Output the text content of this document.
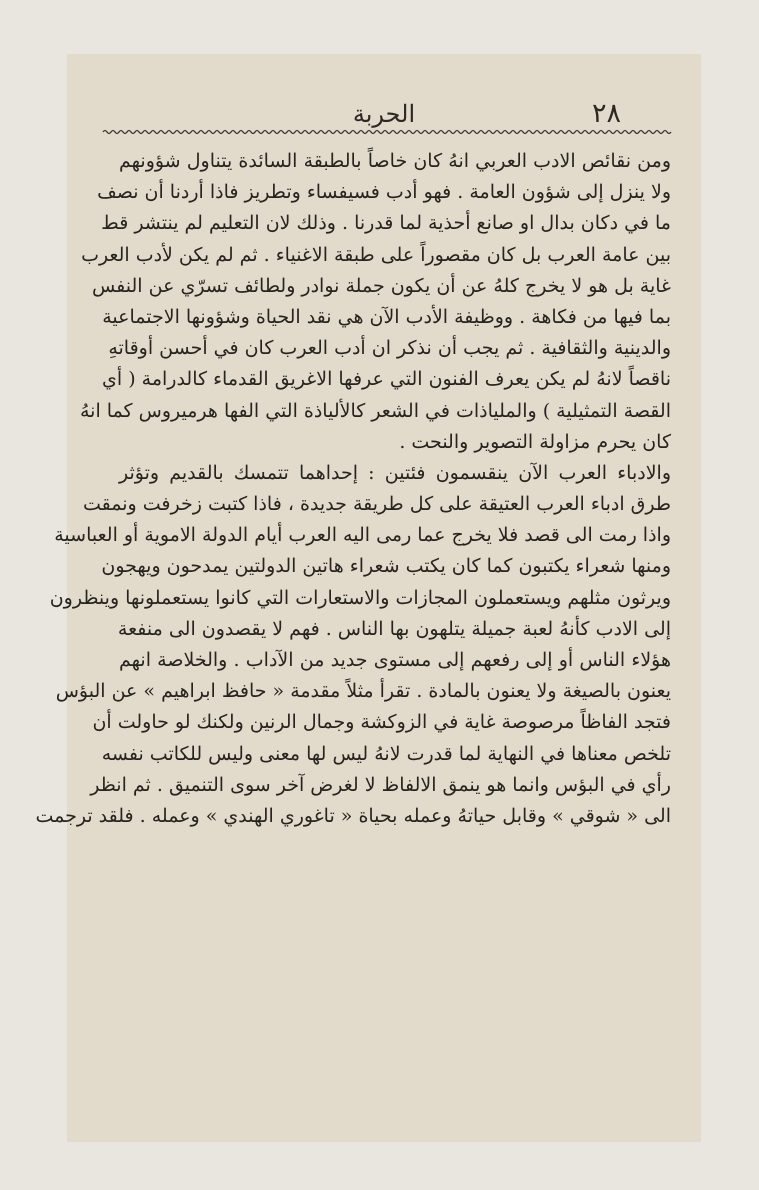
٢٨
الحربة
ومن نقائص الادب العربي انهُ كان خاصاً بالطبقة السائدة يتناول شؤونهم
ولا ينزل إلى شؤون العامة . فهو أدب فسيفساء وتطريز فاذا أردنا أن نصف
ما في دكان بدال او صانع أحذية لما قدرنا . وذلك لان التعليم لم ينتشر قط
بين عامة العرب بل كان مقصوراً على طبقة الاغنياء . ثم لم يكن لأدب العرب
غاية بل هو لا يخرج كلهُ عن أن يكون جملة نوادر ولطائف تسرّي عن النفس
بما فيها من فكاهة . ووظيفة الأدب الآن هي نقد الحياة وشؤونها الاجتماعية
والدينية والثقافية . ثم يجب أن نذكر ان أدب العرب كان في أحسن أوقاتهِ
ناقصاً لانهُ لم يكن يعرف الفنون التي عرفها الاغريق القدماء كالدرامة ( أي
القصة التمثيلية ) والملياذات في الشعر كالألياذة التي الفها هرميروس كما انهُ
كان يحرم مزاولة التصوير والنحت .
والادباء العرب الآن ينقسمون فئتين : إحداهما تتمسك بالقديم وتؤثر
طرق ادباء العرب العتيقة على كل طريقة جديدة ، فاذا كتبت زخرفت ونمقت
واذا رمت الى قصد فلا يخرج عما رمى اليه العرب أيام الدولة الاموية أو العباسية
ومنها شعراء يكتبون كما كان يكتب شعراء هاتين الدولتين يمدحون ويهجون
ويرثون مثلهم ويستعملون المجازات والاستعارات التي كانوا يستعملونها وينظرون
إلى الادب كأنهُ لعبة جميلة يتلهون بها الناس . فهم لا يقصدون الى منفعة
هؤلاء الناس أو إلى رفعهم إلى مستوى جديد من الآداب . والخلاصة انهم
يعنون بالصيغة ولا يعنون بالمادة . تقرأ مثلاً مقدمة « حافظ ابراهيم » عن البؤس
فتجد الفاظاً مرصوصة غاية في الزوكشة وجمال الرنين ولكنك لو حاولت أن
تلخص معناها في النهاية لما قدرت لانهُ ليس لها معنى وليس للكاتب نفسه
رأي في البؤس وانما هو ينمق الالفاظ لا لغرض آخر سوى التنميق . ثم انظر
الى « شوقي » وقابل حياتهُ وعمله بحياة « تاغوري الهندي » وعمله . فلقد ترجمت
